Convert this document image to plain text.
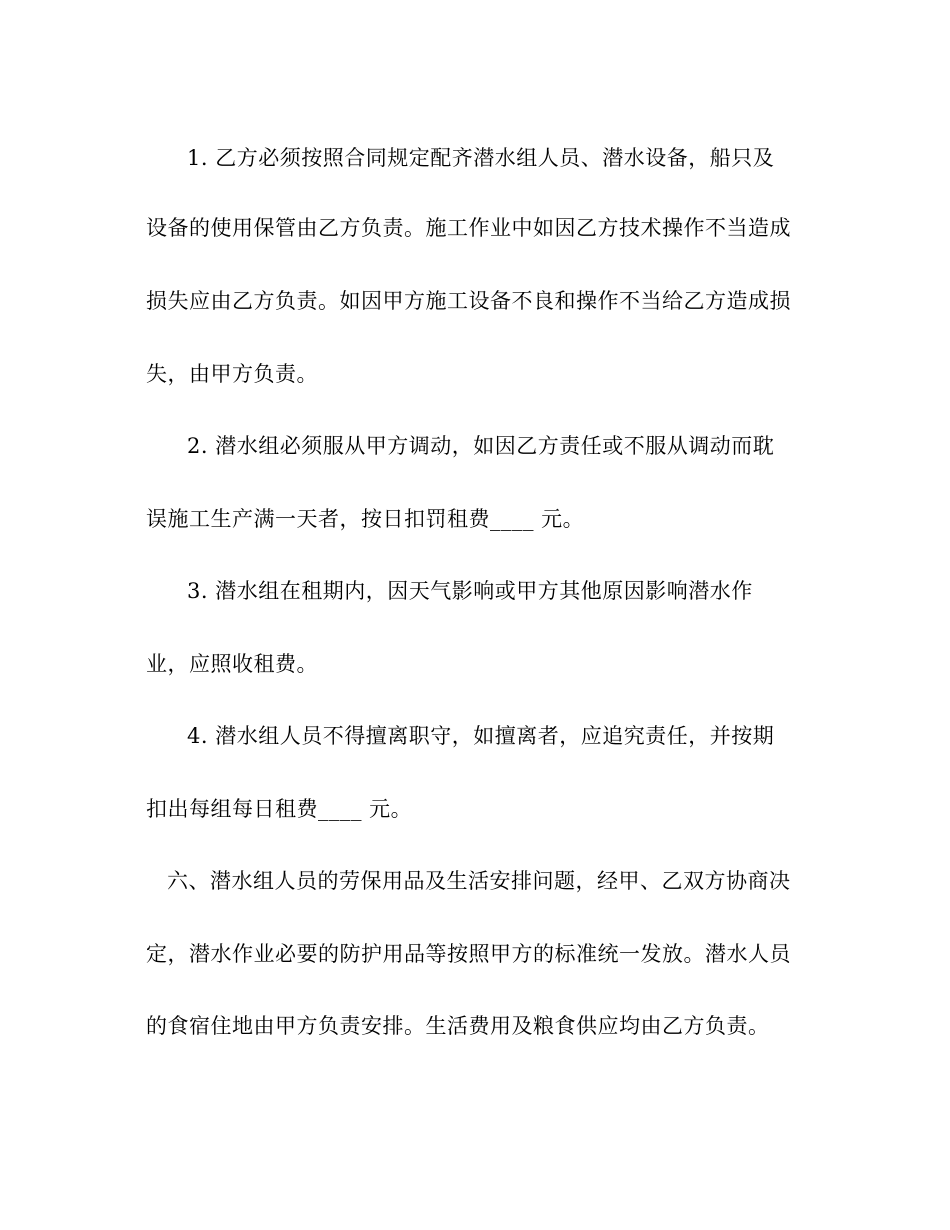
1. 乙方必须按照合同规定配齐潜水组人员、潜水设备，船只及
设备的使用保管由乙方负责。施工作业中如因乙方技术操作不当造成
损失应由乙方负责。如因甲方施工设备不良和操作不当给乙方造成损
失，由甲方负责。
2. 潜水组必须服从甲方调动，如因乙方责任或不服从调动而耽
误施工生产满一天者，按日扣罚租费____ 元。
3. 潜水组在租期内，因天气影响或甲方其他原因影响潜水作
业，应照收租费。
4. 潜水组人员不得擅离职守，如擅离者，应追究责任，并按期
扣出每组每日租费____ 元。
六、潜水组人员的劳保用品及生活安排问题，经甲、乙双方协商决
定，潜水作业必要的防护用品等按照甲方的标准统一发放。潜水人员
的食宿住地由甲方负责安排。生活费用及粮食供应均由乙方负责。
